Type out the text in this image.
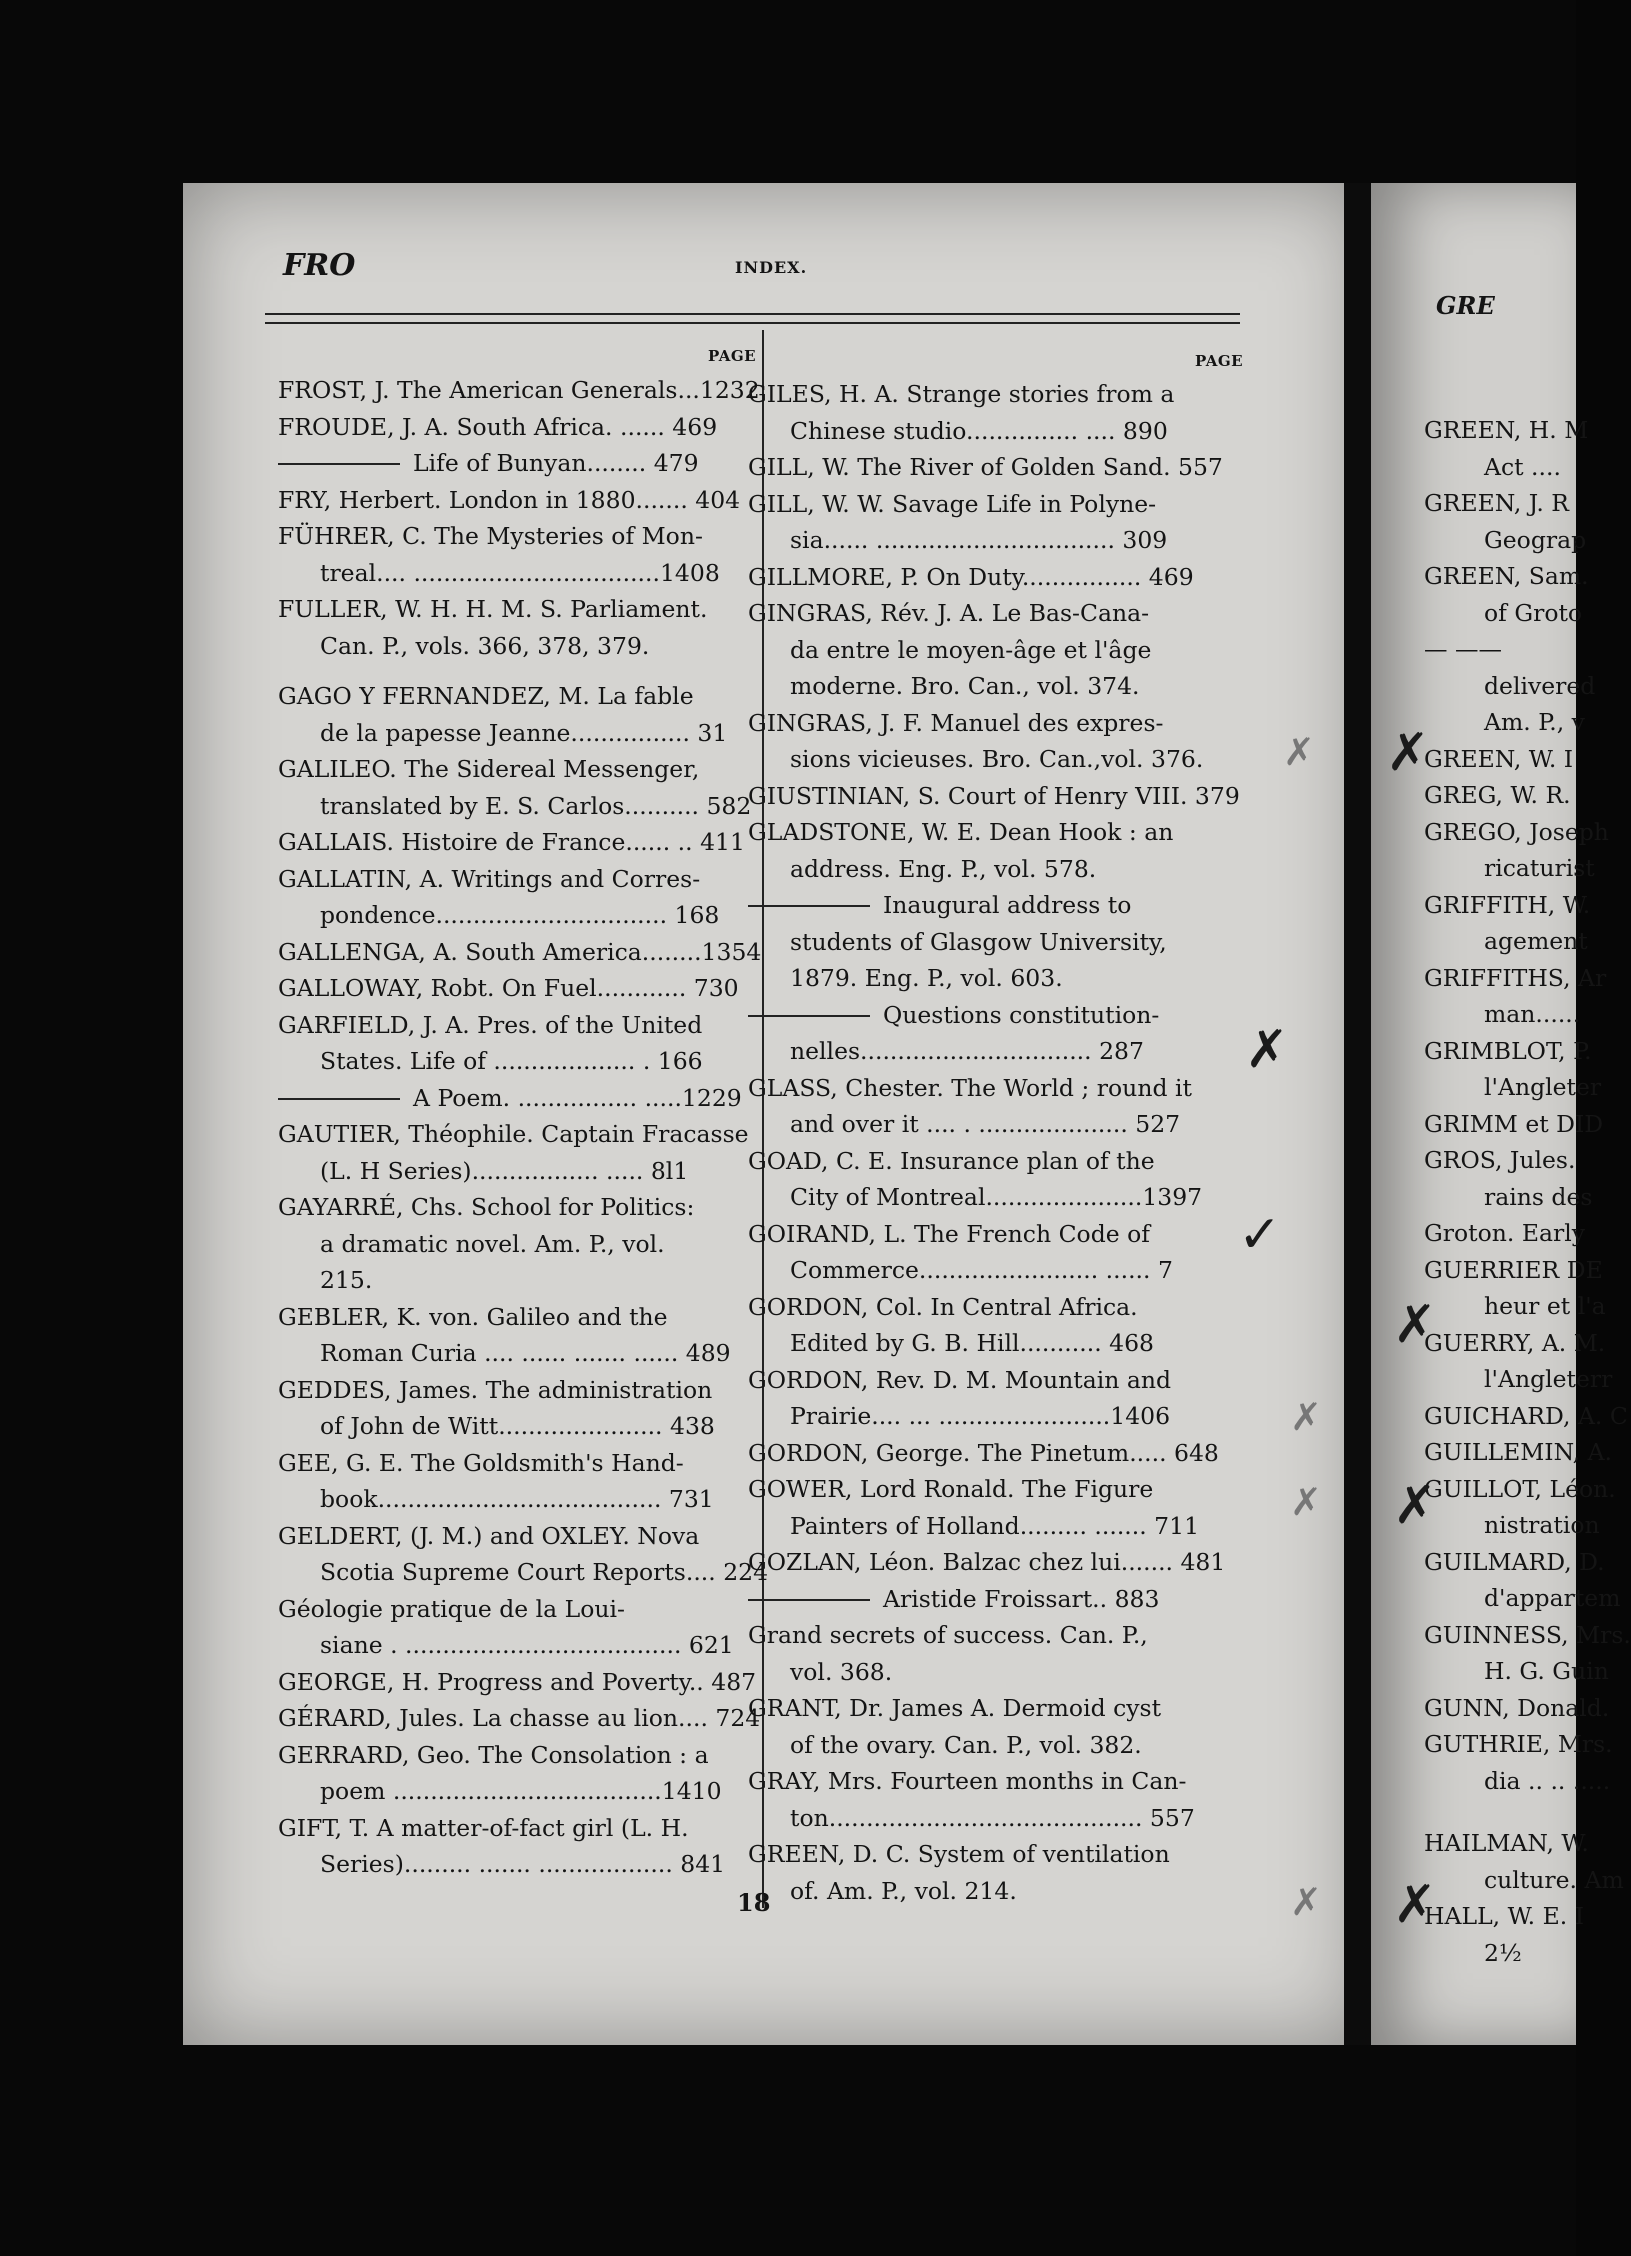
FRO	INDEX.
GRE
PAGE	PAGE
FROST, J. The American Generals...1232
FROUDE, J. A. South Africa. ...... 469
Life of Bunyan........ 479
FRY, Herbert. London in 1880....... 404
FÜHRER, C. The Mysteries of Mon-
treal.... .................................1408
FULLER, W. H. H. M. S. Parliament.
Can. P., vols. 366, 378, 379.
GAGO Y FERNANDEZ, M. La fable
de la papesse Jeanne................ 31
GALILEO. The Sidereal Messenger,
translated by E. S. Carlos.......... 582
GALLAIS. Histoire de France...... .. 411
GALLATIN, A. Writings and Corres-
pondence............................... 168
GALLENGA, A. South America........1354
GALLOWAY, Robt. On Fuel............ 730
GARFIELD, J. A. Pres. of the United
States. Life of ................... . 166
A Poem. ................ .....1229
GAUTIER, Théophile. Captain Fracasse
(L. H Series)................. ..... 8l1
GAYARRÉ, Chs. School for Politics:
a dramatic novel. Am. P., vol.
215.
GEBLER, K. von. Galileo and the
Roman Curia .... ...... ....... ...... 489
GEDDES, James. The administration
of John de Witt...................... 438
GEE, G. E. The Goldsmith's Hand-
book...................................... 731
GELDERT, (J. M.) and OXLEY. Nova
Scotia Supreme Court Reports.... 224
Géologie pratique de la Loui-
siane . ..................................... 621
GEORGE, H. Progress and Poverty.. 487
GÉRARD, Jules. La chasse au lion.... 724
GERRARD, Geo. The Consolation : a
poem ....................................1410
GIFT, T. A matter-of-fact girl (L. H.
Series)......... ....... .................. 841
GILES, H. A. Strange stories from a
Chinese studio............... .... 890
GILL, W. The River of Golden Sand. 557
GILL, W. W. Savage Life in Polyne-
sia...... ................................ 309
GILLMORE, P. On Duty................ 469
GINGRAS, Rév. J. A. Le Bas-Cana-
da entre le moyen-âge et l'âge
moderne. Bro. Can., vol. 374.
GINGRAS, J. F. Manuel des expres-
sions vicieuses. Bro. Can.,vol. 376.
GIUSTINIAN, S. Court of Henry VIII. 379
GLADSTONE, W. E. Dean Hook : an
address. Eng. P., vol. 578.
Inaugural address to
students of Glasgow University,
1879. Eng. P., vol. 603.
Questions constitution-
nelles............................... 287
GLASS, Chester. The World ; round it
and over it .... . .................... 527
GOAD, C. E. Insurance plan of the
City of Montreal.....................1397
GOIRAND, L. The French Code of
Commerce........................ ...... 7
GORDON, Col. In Central Africa.
Edited by G. B. Hill........... 468
GORDON, Rev. D. M. Mountain and
Prairie.... ... .......................1406
GORDON, George. The Pinetum..... 648
GOWER, Lord Ronald. The Figure
Painters of Holland......... ....... 711
GOZLAN, Léon. Balzac chez lui....... 481
Aristide Froissart.. 883
Grand secrets of success. Can. P.,
vol. 368.
GRANT, Dr. James A. Dermoid cyst
of the ovary. Can. P., vol. 382.
GRAY, Mrs. Fourteen months in Can-
ton.......................................... 557
GREEN, D. C. System of ventilation
of. Am. P., vol. 214.
GREEN, H. M
Act ....
GREEN, J. R
Geograp
GREEN, Sam.
of Groto
— ——
delivered
Am. P., v
GREEN, W. I
GREG, W. R.
GREGO, Joseph
ricaturist
GRIFFITH, W.
agement
GRIFFITHS, Ar
man......
GRIMBLOT, P.
l'Angleter
GRIMM et DID
GROS, Jules.
rains des
Groton. Early
GUERRIER DE
heur et l'a
GUERRY, A. M.
l'Angleterr
GUICHARD, A. C
GUILLEMIN, A.
GUILLOT, Léon.
nistration
GUILMARD, D.
d'appartem
GUINNESS, Mrs.
H. G. Guin
GUNN, Donald.
GUTHRIE, Mrs.
dia .. .. .....
HAILMAN, W.
culture. Am
HALL, W. E. I
2½
18
✗
✓
✗
✗
✗
✗
✗
✗
✗
✗
